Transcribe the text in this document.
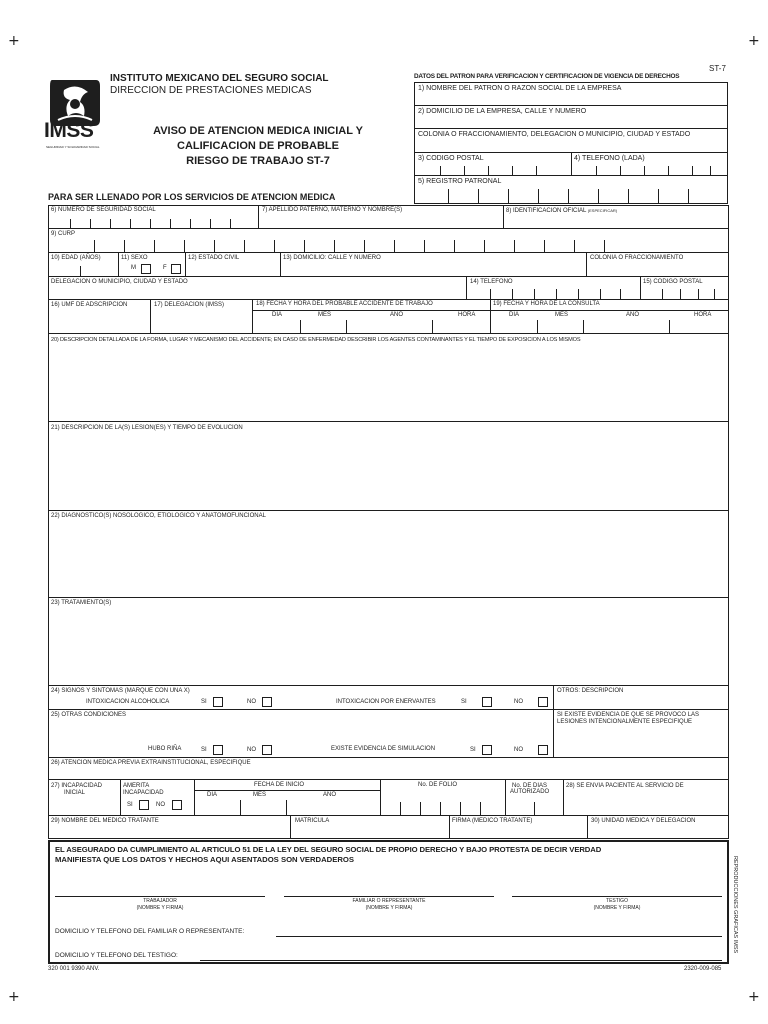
+	+
+	+
ST-7
IMSS
SEGURIDAD Y SOLIDARIDAD SOCIAL
INSTITUTO MEXICANO DEL SEGURO SOCIAL
DIRECCION DE PRESTACIONES MEDICAS
AVISO DE ATENCION MEDICA INICIAL Y
CALIFICACION DE PROBABLE
RIESGO DE TRABAJO ST-7
DATOS DEL PATRON PARA VERIFICACION Y CERTIFICACION DE VIGENCIA DE DERECHOS
1) NOMBRE DEL PATRON O RAZON SOCIAL DE LA EMPRESA
2) DOMICILIO DE LA EMPRESA, CALLE Y NUMERO
COLONIA O FRACCIONAMIENTO, DELEGACION O MUNICIPIO, CIUDAD Y ESTADO
3) CODIGO POSTAL	4) TELEFONO (LADA)
5) REGISTRO PATRONAL
PARA SER LLENADO POR LOS SERVICIOS DE ATENCION MEDICA
6) NUMERO DE SEGURIDAD SOCIAL	7) APELLIDO PATERNO, MATERNO Y NOMBRE(S)	8) IDENTIFICACION OFICIAL (ESPECIFICAR)
9) CURP
10) EDAD (AÑOS)	11) SEXO
M	F
12) ESTADO CIVIL	13) DOMICILIO: CALLE Y NUMERO	COLONIA O FRACCIONAMIENTO
DELEGACION O MUNICIPIO, CIUDAD Y ESTADO	14) TELEFONO	15) CODIGO POSTAL
16) UMF DE ADSCRIPCION	17) DELEGACION (IMSS)	18) FECHA Y HORA DEL PROBABLE ACCIDENTE DE TRABAJO	19) FECHA Y HORA DE LA CONSULTA
DIA	MES	AÑO	HORA	DIA	MES	AÑO	HORA
20) DESCRIPCION DETALLADA DE LA FORMA, LUGAR Y MECANISMO DEL ACCIDENTE; EN CASO DE ENFERMEDAD DESCRIBIR LOS AGENTES CONTAMINANTES Y EL TIEMPO DE EXPOSICION A LOS MISMOS
21) DESCRIPCION DE LA(S) LESION(ES) Y TIEMPO DE EVOLUCION
22) DIAGNOSTICO(S) NOSOLOGICO, ETIOLOGICO Y ANATOMOFUNCIONAL
23) TRATAMIENTO(S)
24) SIGNOS Y SINTOMAS (MARQUE CON UNA X)
INTOXICACION ALCOHOLICA	SI	NO	INTOXICACION POR ENERVANTES	SI	NO
OTROS: DESCRIPCION
25) OTRAS CONDICIONES	SI EXISTE EVIDENCIA DE QUE SE PROVOCO LAS
LESIONES INTENCIONALMENTE ESPECIFIQUE
HUBO RIÑA	SI	NO	EXISTE EVIDENCIA DE SIMULACION	SI	NO
26) ATENCION MEDICA PREVIA EXTRAINSTITUCIONAL, ESPECIFIQUE
27) INCAPACIDAD
INICIAL
AMERITA
INCAPACIDAD
SI	NO
FECHA DE INICIO
DIA	MES	AÑO
No. DE FOLIO	No. DE DIAS
AUTORIZADO
28) SE ENVIA PACIENTE AL SERVICIO DE
29) NOMBRE DEL MEDICO TRATANTE	MATRICULA	FIRMA (MEDICO TRATANTE)	30) UNIDAD MEDICA Y DELEGACION
EL ASEGURADO DA CUMPLIMIENTO AL ARTICULO 51 DE LA LEY DEL SEGURO SOCIAL DE PROPIO DERECHO Y BAJO PROTESTA DE DECIR VERDAD
MANIFIESTA QUE LOS DATOS Y HECHOS AQUI ASENTADOS SON VERDADEROS
TRABAJADOR
(NOMBRE Y FIRMA)
FAMILIAR O REPRESENTANTE
(NOMBRE Y FIRMA)
TESTIGO
(NOMBRE Y FIRMA)
DOMICILIO Y TELEFONO DEL FAMILIAR O REPRESENTANTE:
DOMICILIO Y TELEFONO DEL TESTIGO:
320 001 9390 ANV.	2320-009-085
REPRODUCCIONES GRAFICAS IMSS
